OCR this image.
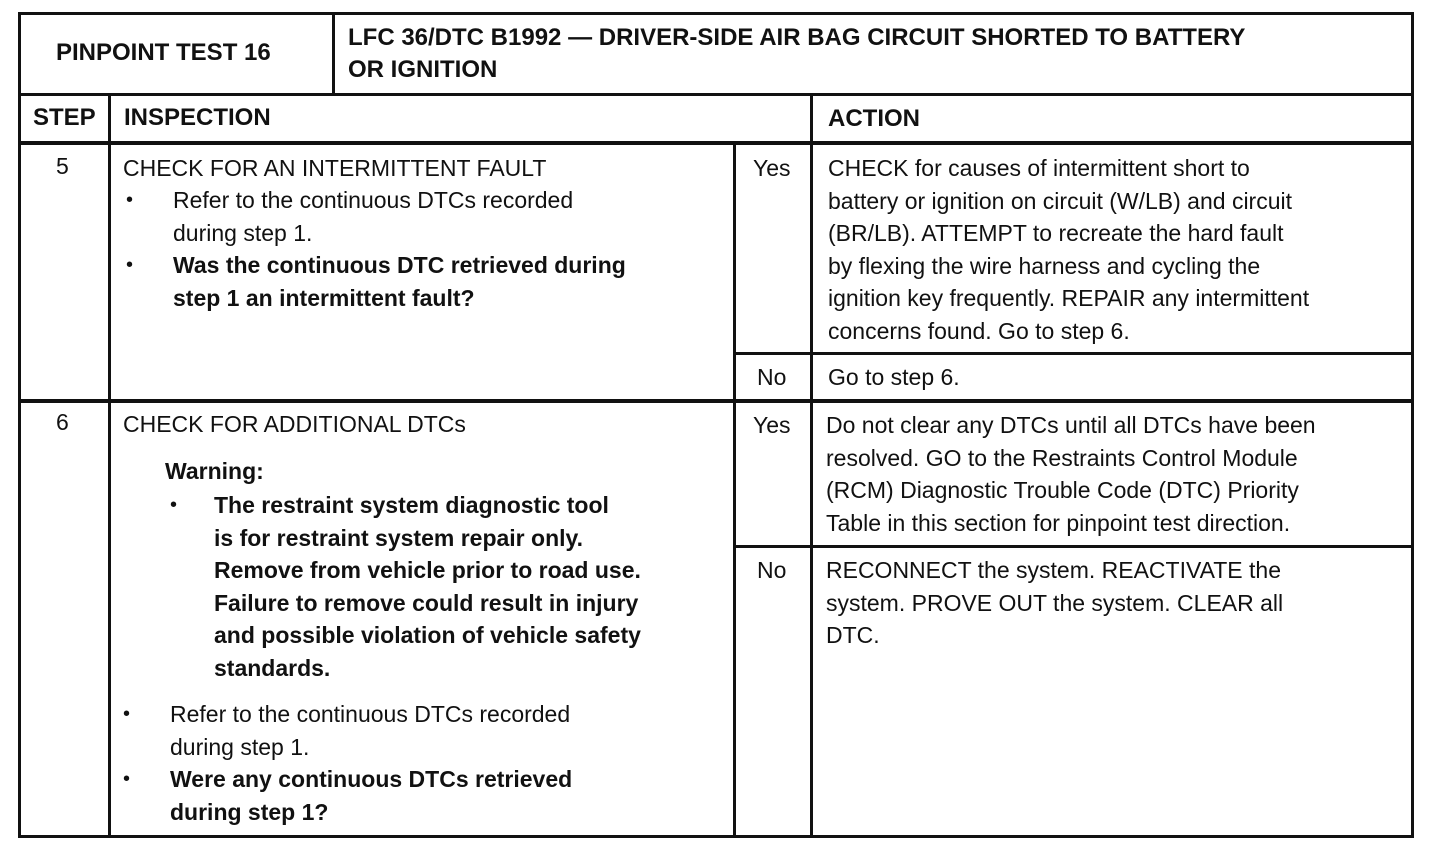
PINPOINT TEST 16
LFC 36/DTC B1992 — DRIVER-SIDE AIR BAG CIRCUIT SHORTED TO BATTERY
OR IGNITION
STEP INSPECTION	ACTION
5 CHECK FOR AN INTERMITTENT FAULT
• Refer to the continuous DTCs recorded
during step 1.
• Was the continuous DTC retrieved during
step 1 an intermittent fault?
Yes CHECK for causes of intermittent short to
battery or ignition on circuit (W/LB) and circuit
(BR/LB). ATTEMPT to recreate the hard fault
by flexing the wire harness and cycling the
ignition key frequently. REPAIR any intermittent
concerns found. Go to step 6.
No Go to step 6.
6 CHECK FOR ADDITIONAL DTCs
Warning:
• The restraint system diagnostic tool
is for restraint system repair only.
Remove from vehicle prior to road use.
Failure to remove could result in injury
and possible violation of vehicle safety
standards.
• Refer to the continuous DTCs recorded
during step 1.
• Were any continuous DTCs retrieved
during step 1?
Yes Do not clear any DTCs until all DTCs have been
resolved. GO to the Restraints Control Module
(RCM) Diagnostic Trouble Code (DTC) Priority
Table in this section for pinpoint test direction.
No RECONNECT the system. REACTIVATE the
system. PROVE OUT the system. CLEAR all
DTC.
